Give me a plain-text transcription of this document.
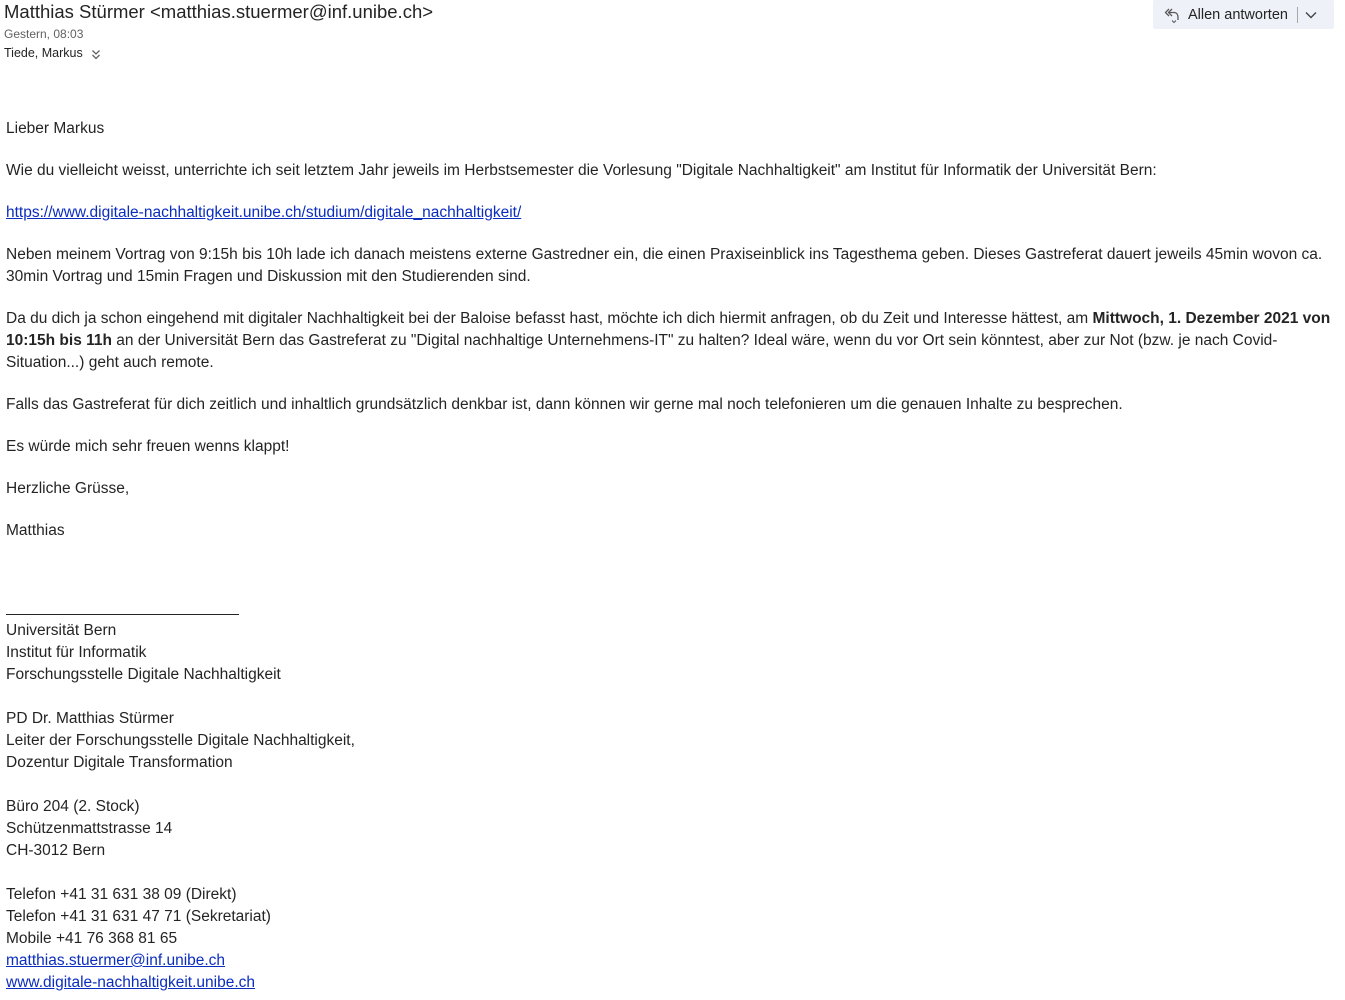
Matthias Stürmer <matthias.stuermer@inf.unibe.ch>
Gestern, 08:03
Tiede, Markus
Allen antworten

Lieber Markus

Wie du vielleicht weisst, unterrichte ich seit letztem Jahr jeweils im Herbstsemester die Vorlesung "Digitale Nachhaltigkeit" am Institut für Informatik der Universität Bern:

https://www.digitale-nachhaltigkeit.unibe.ch/studium/digitale_nachhaltigkeit/

Neben meinem Vortrag von 9:15h bis 10h lade ich danach meistens externe Gastredner ein, die einen Praxiseinblick ins Tagesthema geben. Dieses Gastreferat dauert jeweils 45min wovon ca. 30min Vortrag und 15min Fragen und Diskussion mit den Studierenden sind.

Da du dich ja schon eingehend mit digitaler Nachhaltigkeit bei der Baloise befasst hast, möchte ich dich hiermit anfragen, ob du Zeit und Interesse hättest, am Mittwoch, 1. Dezember 2021 von 10:15h bis 11h an der Universität Bern das Gastreferat zu "Digital nachhaltige Unternehmens-IT" zu halten? Ideal wäre, wenn du vor Ort sein könntest, aber zur Not (bzw. je nach Covid-Situation...) geht auch remote.

Falls das Gastreferat für dich zeitlich und inhaltlich grundsätzlich denkbar ist, dann können wir gerne mal noch telefonieren um die genauen Inhalte zu besprechen.

Es würde mich sehr freuen wenns klappt!

Herzliche Grüsse,

Matthias

Universität Bern
Institut für Informatik
Forschungsstelle Digitale Nachhaltigkeit
PD Dr. Matthias Stürmer
Leiter der Forschungsstelle Digitale Nachhaltigkeit,
Dozentur Digitale Transformation
Büro 204 (2. Stock)
Schützenmattstrasse 14
CH-3012 Bern
Telefon +41 31 631 38 09 (Direkt)
Telefon +41 31 631 47 71 (Sekretariat)
Mobile +41 76 368 81 65
matthias.stuermer@inf.unibe.ch
www.digitale-nachhaltigkeit.unibe.ch
